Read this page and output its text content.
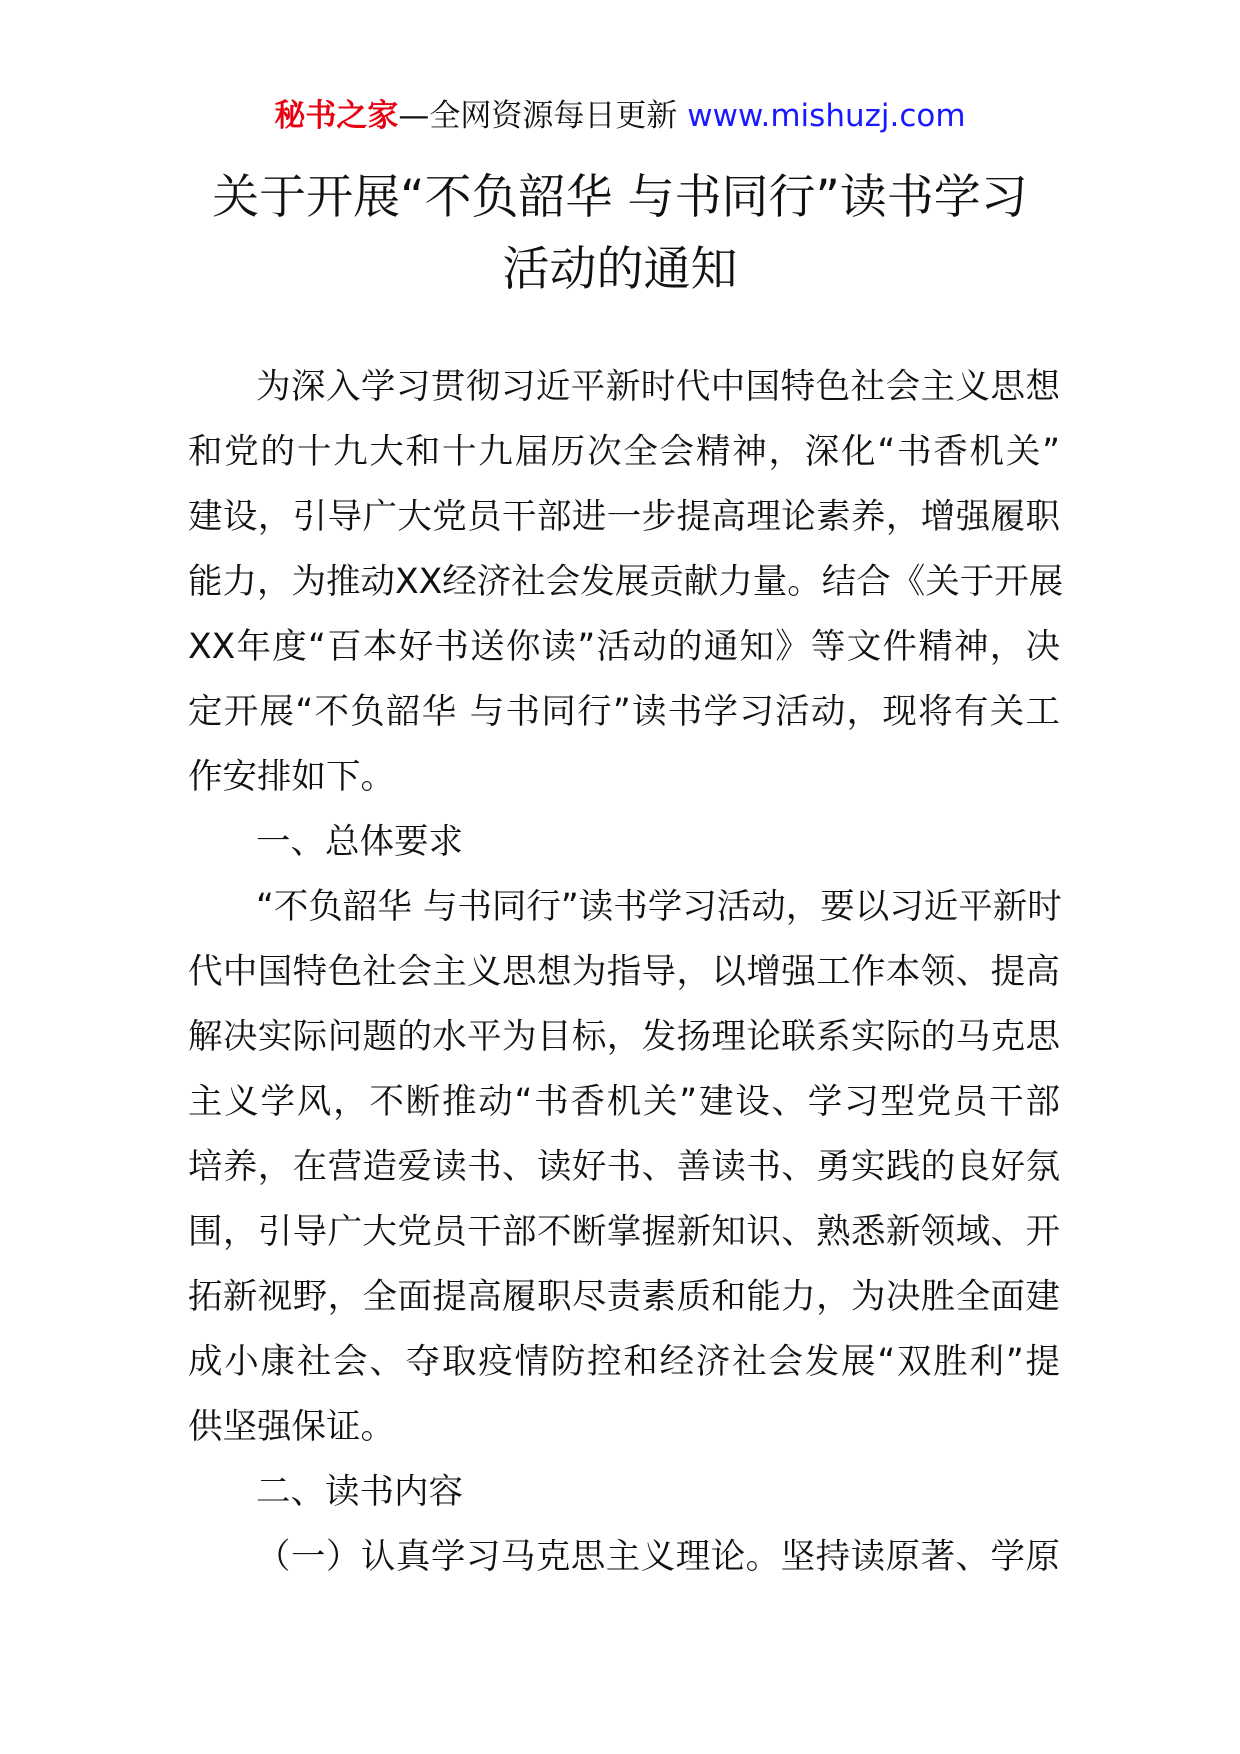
秘书之家—全网资源每日更新 www.mishuzj.com
关于开展“不负韶华 与书同行”读书学习
活动的通知
为深入学习贯彻习近平新时代中国特色社会主义思想
和党的十九大和十九届历次全会精神，深化“书香机关”
建设，引导广大党员干部进一步提高理论素养，增强履职
能力，为推动XX经济社会发展贡献力量。结合《关于开展
XX年度“百本好书送你读”活动的通知》等文件精神，决
定开展“不负韶华 与书同行”读书学习活动，现将有关工
作安排如下。
一、总体要求
“不负韶华 与书同行”读书学习活动，要以习近平新时
代中国特色社会主义思想为指导，以增强工作本领、提高
解决实际问题的水平为目标，发扬理论联系实际的马克思
主义学风，不断推动“书香机关”建设、学习型党员干部
培养，在营造爱读书、读好书、善读书、勇实践的良好氛
围，引导广大党员干部不断掌握新知识、熟悉新领域、开
拓新视野，全面提高履职尽责素质和能力，为决胜全面建
成小康社会、夺取疫情防控和经济社会发展“双胜利”提
供坚强保证。
二、读书内容
（一）认真学习马克思主义理论。坚持读原著、学原
